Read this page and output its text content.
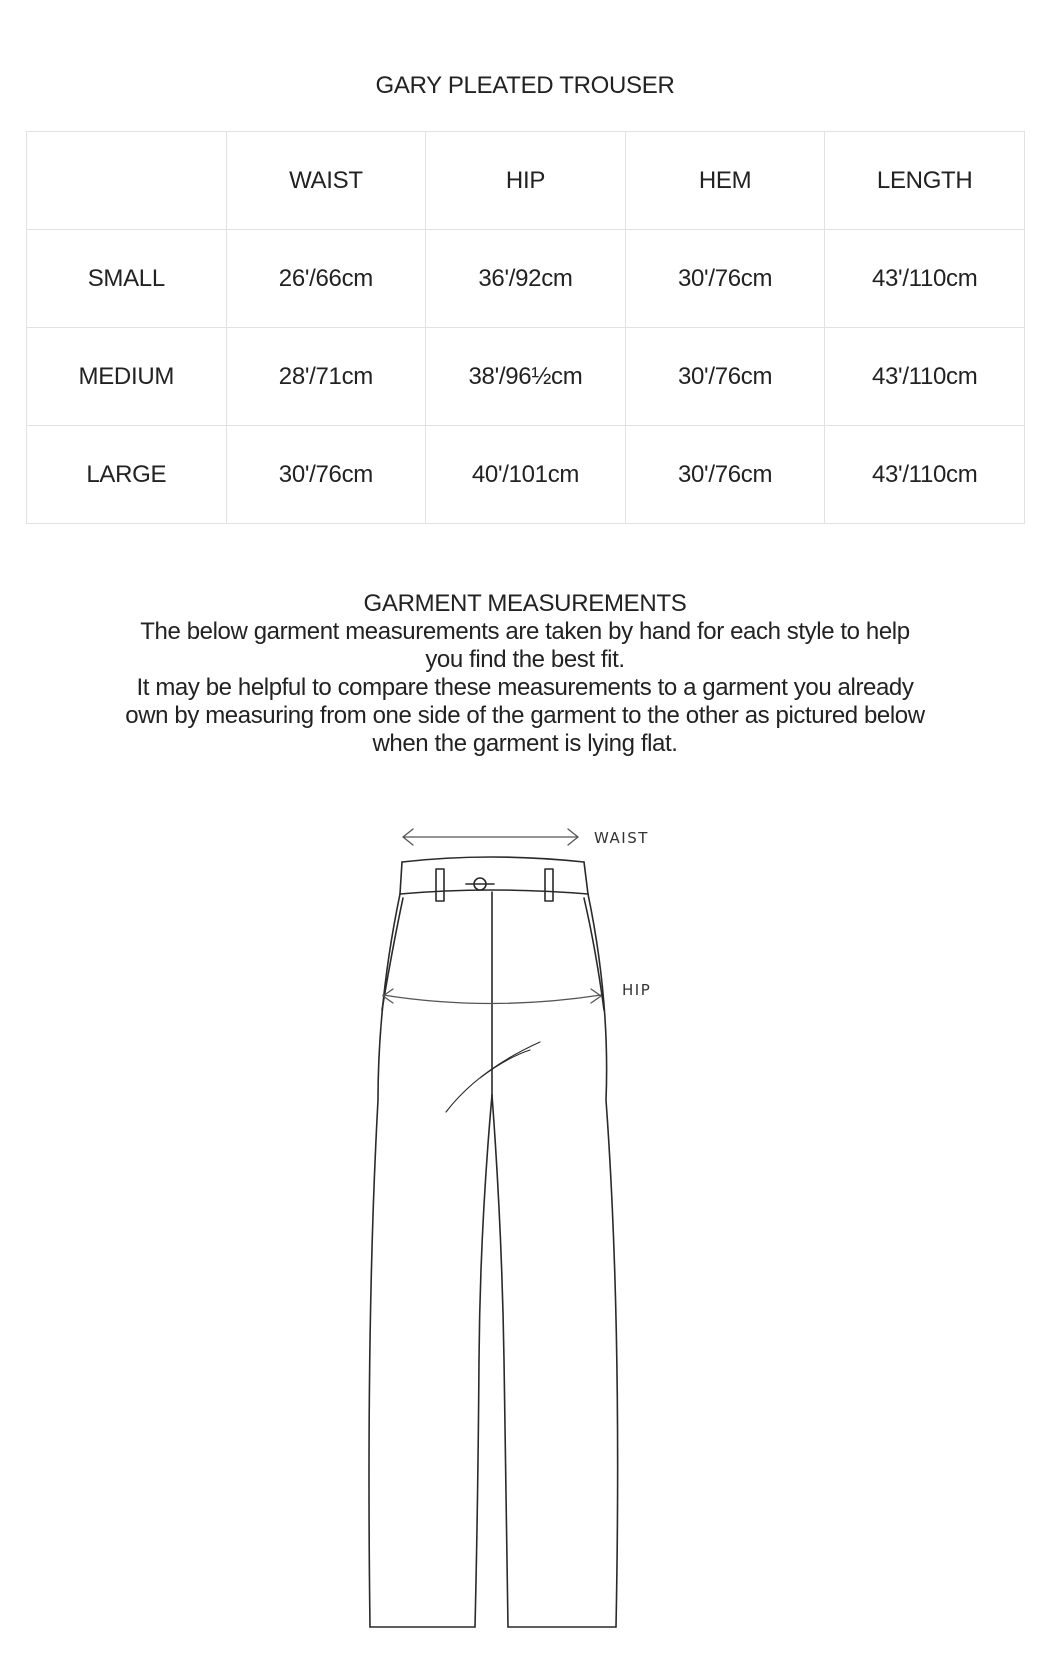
GARY PLEATED TROUSER
	WAIST	HIP	HEM	LENGTH
SMALL	26'/66cm	36'/92cm	30'/76cm	43'/110cm
MEDIUM	28'/71cm	38'/96½cm	30'/76cm	43'/110cm
LARGE	30'/76cm	40'/101cm	30'/76cm	43'/110cm
GARMENT MEASUREMENTS

The below garment measurements are taken by hand for each style to help you find the best fit.

It may be helpful to compare these measurements to a garment you already own by measuring from one side of the garment to the other as pictured below when the garment is lying flat.

WAIST
HIP
